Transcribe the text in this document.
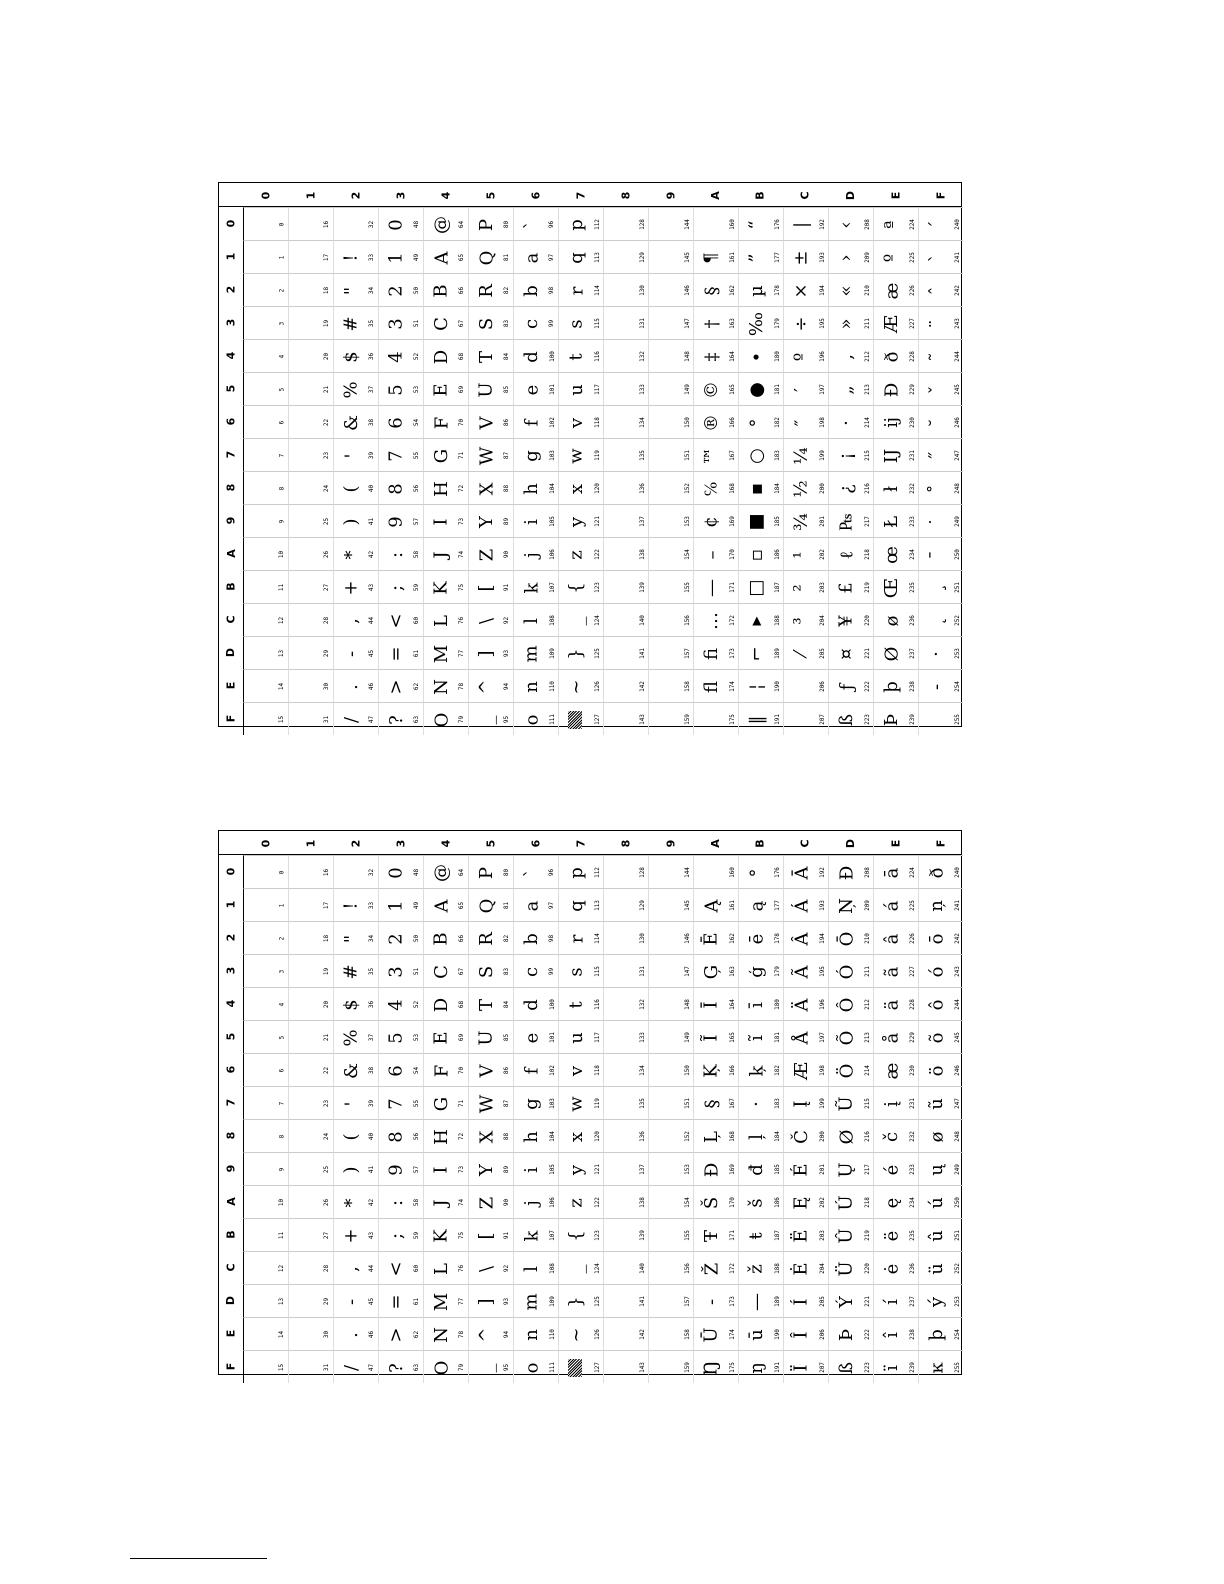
0
1
2
3
4
5
6
7
8
9
A
B
C
D
E
F
0
0
1
2
3
4
5
6
7
8
9
10
11
12
13
14
15
1
16
17
18
19
20
21
22
23
24
25
26
27
28
29
30
31
2
32
! 33
" 34
# 35
$ 36
% 37
& 38
' 39
( 40
) 41
* 42
+ 43
, 44
- 45
. 46
/ 47
3
0 48
1 49
2 50
3 51
4 52
5 53
6 54
7 55
8 56
9 57
: 58
; 59
< 60
= 61
> 62
? 63
4
@ 64
A 65
B 66
C 67
D 68
E 69
F 70
G 71
H 72
I 73
J 74
K 75
L 76
M 77
N 78
O 79
5
P 80
Q 81
R 82
S 83
T 84
U 85
V 86
W 87
X 88
Y 89
Z 90
[ 91
\ 92
] 93
^ 94
_ 95
6
` 96
a 97
b 98
c 99
d 100
e 101
f 102
g 103
h 104
i 105
j 106
k 107
l 108
m 109
n 110
o 111
7
p 112
q 113
r 114
s 115
t 116
u 117
v 118
w 119
x 120
y 121
z 122
{ 123
_ 124
} 125
~ 126
127
8
128
129
130
131
132
133
134
135
136
137
138
139
140
141
142
143
9
144
145
146
147
148
149
150
151
152
153
154
155
156
157
158
159
A
160
¶ 161
§ 162
† 163
‡ 164
© 165
® 166
™ 167
℅ 168
¢ 169
– 170
— 171
… 172
ﬁ 173
ﬂ 174
175
B
“ 176
” 177
µ 178
‰ 179
• 180
● 181
° 182
○ 183
▪ 184
■ 185
▫ 186
□ 187
▸ 188
⌐ 189
¦ 190
‖ 191
C
| 192
± 193
× 194
÷ 195
º 196
′ 197
″ 198
¼ 199
½ 200
¾ 201
¹ 202
² 203
³ 204
⁄ 205
206
207
D
‹ 208
› 209
« 210
» 211
‚ 212
„ 213
· 214
¡ 215
¿ 216
₧ 217
ℓ 218
£ 219
¥ 220
¤ 221
ƒ 222
ß 223
E
ª 224
º 225
æ 226
Æ 227
ð 228
Đ 229
ĳ 230
Ĳ 231
ł 232
Ł 233
œ 234
Œ 235
ø 236
Ø 237
þ 238
Þ 239
F
´ 240
` 241
ˆ 242
¨ 243
˜ 244
ˇ 245
˘ 246
˝ 247
˚ 248
˙ 249
¯ 250
¸ 251
˛ 252
· 253
‐ 254
255
0
1
2
3
4
5
6
7
8
9
A
B
C
D
E
F
0
0
1
2
3
4
5
6
7
8
9
10
11
12
13
14
15
1
16
17
18
19
20
21
22
23
24
25
26
27
28
29
30
31
2
32
! 33
" 34
# 35
$ 36
% 37
& 38
' 39
( 40
) 41
* 42
+ 43
, 44
- 45
. 46
/ 47
3
0 48
1 49
2 50
3 51
4 52
5 53
6 54
7 55
8 56
9 57
: 58
; 59
< 60
= 61
> 62
? 63
4
@ 64
A 65
B 66
C 67
D 68
E 69
F 70
G 71
H 72
I 73
J 74
K 75
L 76
M 77
N 78
O 79
5
P 80
Q 81
R 82
S 83
T 84
U 85
V 86
W 87
X 88
Y 89
Z 90
[ 91
\ 92
] 93
^ 94
_ 95
6
` 96
a 97
b 98
c 99
d 100
e 101
f 102
g 103
h 104
i 105
j 106
k 107
l 108
m 109
n 110
o 111
7
p 112
q 113
r 114
s 115
t 116
u 117
v 118
w 119
x 120
y 121
z 122
{ 123
_ 124
} 125
~ 126
127
8
128
129
130
131
132
133
134
135
136
137
138
139
140
141
142
143
9
144
145
146
147
148
149
150
151
152
153
154
155
156
157
158
159
A
160
Ą 161
Ē 162
Ģ 163
Ī 164
Ĩ 165
Ķ 166
§ 167
Ļ 168
Đ 169
Š 170
Ŧ 171
Ž 172
- 173
Ū 174
Ŋ 175
B
° 176
ą 177
ē 178
ģ 179
ī 180
ĩ 181
ķ 182
· 183
ļ 184
đ 185
š 186
ŧ 187
ž 188
— 189
ū 190
ŋ 191
C
Ā 192
Á 193
Â 194
Ã 195
Ä 196
Å 197
Æ 198
Į 199
Č 200
É 201
Ę 202
Ë 203
Ė 204
Í 205
Î 206
Ï 207
D
Đ 208
Ņ 209
Ō 210
Ó 211
Ô 212
Õ 213
Ö 214
Ũ 215
Ø 216
Ų 217
Ú 218
Û 219
Ü 220
Ý 221
Þ 222
ß 223
E
ā 224
á 225
â 226
ã 227
ä 228
å 229
æ 230
į 231
č 232
é 233
ę 234
ë 235
ė 236
í 237
î 238
ï 239
F
ð 240
ņ 241
ō 242
ó 243
ô 244
õ 245
ö 246
ũ 247
ø 248
ų 249
ú 250
û 251
ü 252
ý 253
þ 254
ĸ 255
